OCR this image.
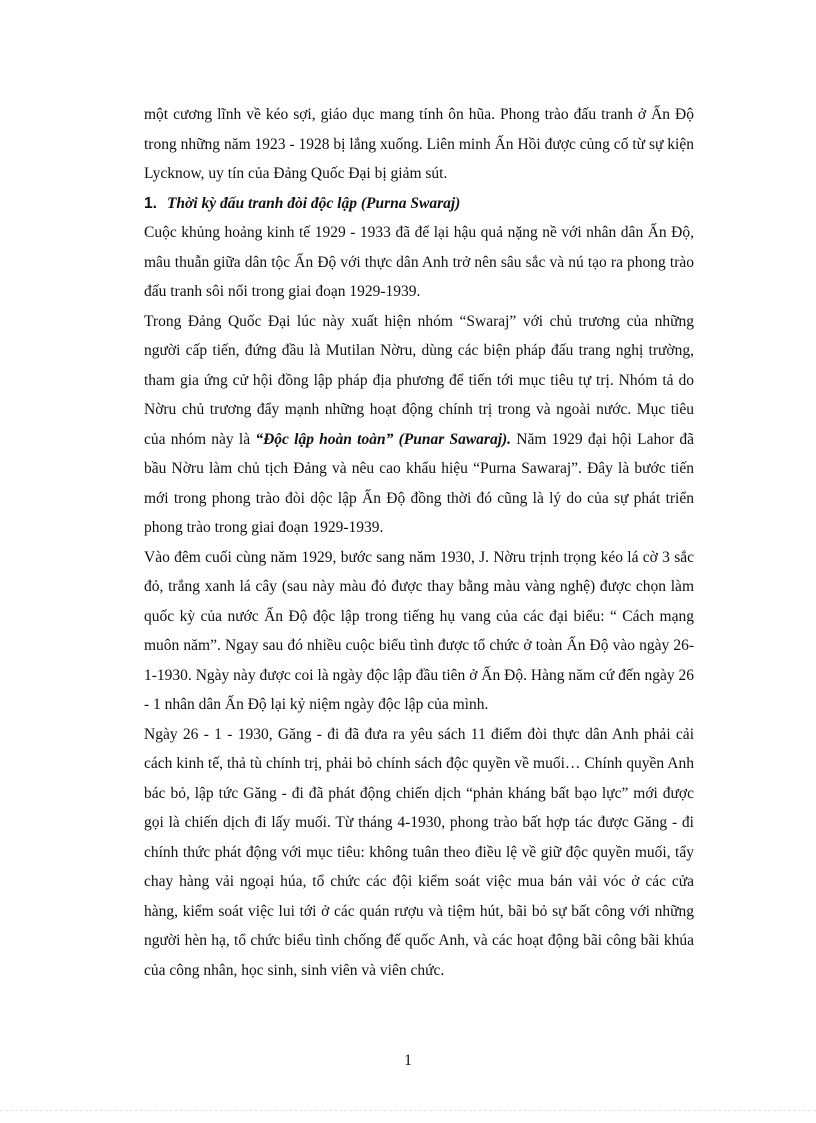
một cương lĩnh về kéo sợi, giáo dục mang tính ôn hũa. Phong trào đấu tranh ở Ấn Độ trong những năm 1923 - 1928 bị lắng xuống. Liên minh Ấn Hồi được củng cố từ sự kiện Lycknow, uy tín của Đảng Quốc Đại bị giảm sút.

1. Thời kỳ đấu tranh đòi độc lập (Purna Swaraj)

Cuộc khủng hoảng kinh tế 1929 - 1933 đã để lại hậu quả nặng nề với nhân dân Ấn Độ, mâu thuẫn giữa dân tộc Ấn Độ với thực dân Anh trở nên sâu sắc và nú tạo ra phong trào đấu tranh sôi nổi trong giai đoạn 1929-1939.

Trong Đảng Quốc Đại lúc này xuất hiện nhóm “Swaraj” với chủ trương của những người cấp tiến, đứng đầu là Mutilan Nờru, dùng các biện pháp đấu trang nghị trường, tham gia ứng cử hội đồng lập pháp địa phương để tiến tới mục tiêu tự trị. Nhóm tả do Nờru chủ trương đẩy mạnh những hoạt động chính trị trong và ngoài nước. Mục tiêu của nhóm này là “Độc lập hoàn toàn” (Punar Sawaraj). Năm 1929 đại hội Lahor đã bầu Nờru làm chủ tịch Đảng và nêu cao khẩu hiệu “Purna Sawaraj”. Đây là bước tiến mới trong phong trào đòi dộc lập Ấn Độ đồng thời đó cũng là lý do của sự phát triển phong trào trong giai đoạn 1929-1939.

Vào đêm cuối cùng năm 1929, bước sang năm 1930, J. Nờru trịnh trọng kéo lá cờ 3 sắc đỏ, trắng xanh lá cây (sau này màu đỏ được thay bằng màu vàng nghệ) được chọn làm quốc kỳ của nước Ấn Độ độc lập trong tiếng hụ vang của các đại biểu: “ Cách mạng muôn năm”. Ngay sau đó nhiều cuộc biểu tình được tổ chức ở toàn Ấn Độ vào ngày 26-1-1930. Ngày này được coi là ngày độc lập đầu tiên ở Ấn Độ. Hàng năm cứ đến ngày 26 - 1 nhân dân Ấn Độ lại kỷ niệm ngày độc lập của mình.

Ngày 26 - 1 - 1930, Găng - đi đã đưa ra yêu sách 11 điểm đòi thực dân Anh phải cải cách kinh tế, thả tù chính trị, phải bỏ chính sách độc quyền về muối… Chính quyền Anh bác bỏ, lập tức Găng - đi đã phát động chiến dịch “phản kháng bất bạo lực” mới được gọi là chiến dịch đi lấy muối. Từ tháng 4-1930, phong trào bất hợp tác được Găng - đi chính thức phát động với mục tiêu: không tuân theo điều lệ về giữ độc quyền muối, tẩy chay hàng vải ngoại húa, tổ chức các đội kiểm soát việc mua bán vải vóc ở các cửa hàng, kiểm soát việc lui tới ở các quán rượu và tiệm hút, bãi bỏ sự bất công với những người hèn hạ, tổ chức biểu tình chống đế quốc Anh, và các hoạt động bãi công bãi khúa của công nhân, học sinh, sinh viên và viên chức.

1
